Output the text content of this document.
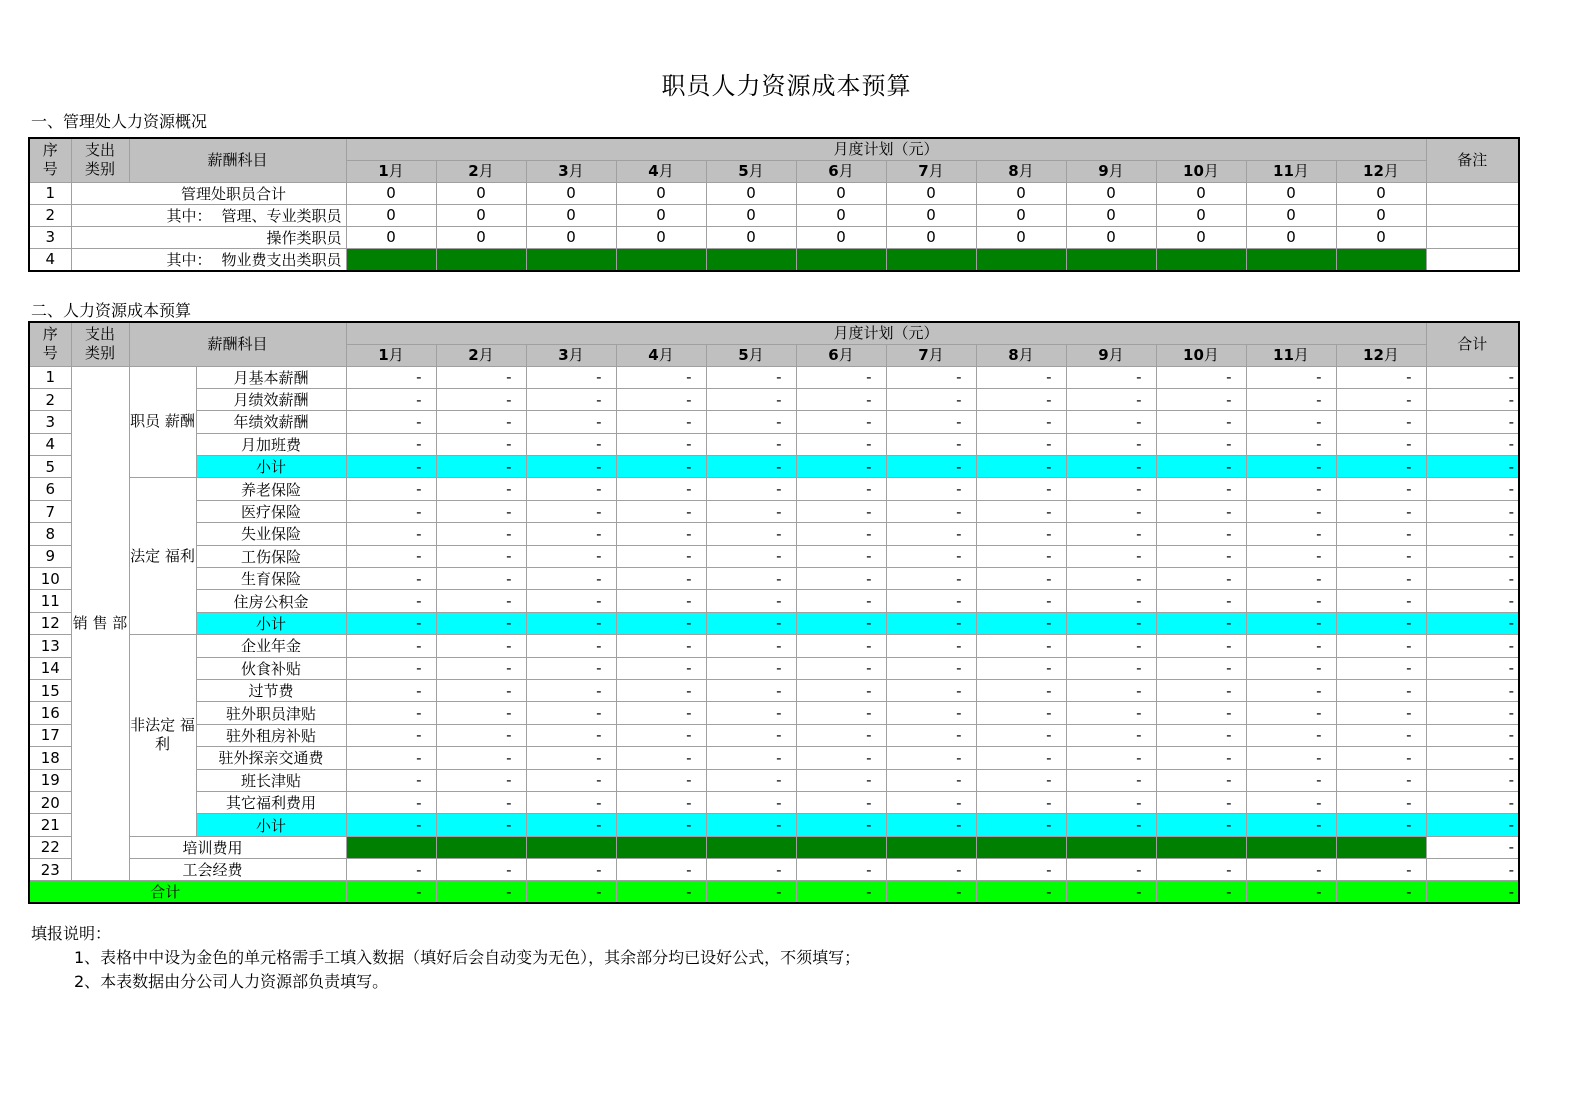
职员人力资源成本预算
一、管理处人力资源概况
序
号	支出
类别	薪酬科目	月度计划（元）												备注
			1月	2月	3月	4月	5月	6月	7月	8月	9月	10月	11月	12月	
1	管理处职员合计		0	0	0	0	0	0	0	0	0	0	0	0	
2	其中： 管理、专业类职员		0	0	0	0	0	0	0	0	0	0	0	0	
3	操作类职员		0	0	0	0	0	0	0	0	0	0	0	0	
4	其中： 物业费支出类职员														
二、人力资源成本预算
序
号	支出
类别	薪酬科目		月度计划（元）												合计
				1月	2月	3月	4月	5月	6月	7月	8月	9月	10月	11月	12月	
1	销 售 部	职员 薪酬	月基本薪酬	-	-	-	-	-	-	-	-	-	-	-	-	-
2			月绩效薪酬	-	-	-	-	-	-	-	-	-	-	-	-	-
3			年绩效薪酬	-	-	-	-	-	-	-	-	-	-	-	-	-
4			月加班费	-	-	-	-	-	-	-	-	-	-	-	-	-
5			小计	-	-	-	-	-	-	-	-	-	-	-	-	-
6		法定 福利	养老保险	-	-	-	-	-	-	-	-	-	-	-	-	-
7			医疗保险	-	-	-	-	-	-	-	-	-	-	-	-	-
8			失业保险	-	-	-	-	-	-	-	-	-	-	-	-	-
9			工伤保险	-	-	-	-	-	-	-	-	-	-	-	-	-
10			生育保险	-	-	-	-	-	-	-	-	-	-	-	-	-
11			住房公积金	-	-	-	-	-	-	-	-	-	-	-	-	-
12			小计	-	-	-	-	-	-	-	-	-	-	-	-	-
13		非法定 福利	企业年金	-	-	-	-	-	-	-	-	-	-	-	-	-
14			伙食补贴	-	-	-	-	-	-	-	-	-	-	-	-	-
15			过节费	-	-	-	-	-	-	-	-	-	-	-	-	-
16			驻外职员津贴	-	-	-	-	-	-	-	-	-	-	-	-	-
17			驻外租房补贴	-	-	-	-	-	-	-	-	-	-	-	-	-
18			驻外探亲交通费	-	-	-	-	-	-	-	-	-	-	-	-	-
19			班长津贴	-	-	-	-	-	-	-	-	-	-	-	-	-
20			其它福利费用	-	-	-	-	-	-	-	-	-	-	-	-	-
21			小计	-	-	-	-	-	-	-	-	-	-	-	-	-
22		培训费用														-
23		工会经费		-	-	-	-	-	-	-	-	-	-	-	-	-
合计				-	-	-	-	-	-	-	-	-	-	-	-	-
填报说明：
1、表格中中设为金色的单元格需手工填入数据（填好后会自动变为无色），其余部分均已设好公式，不须填写；
2、本表数据由分公司人力资源部负责填写。
